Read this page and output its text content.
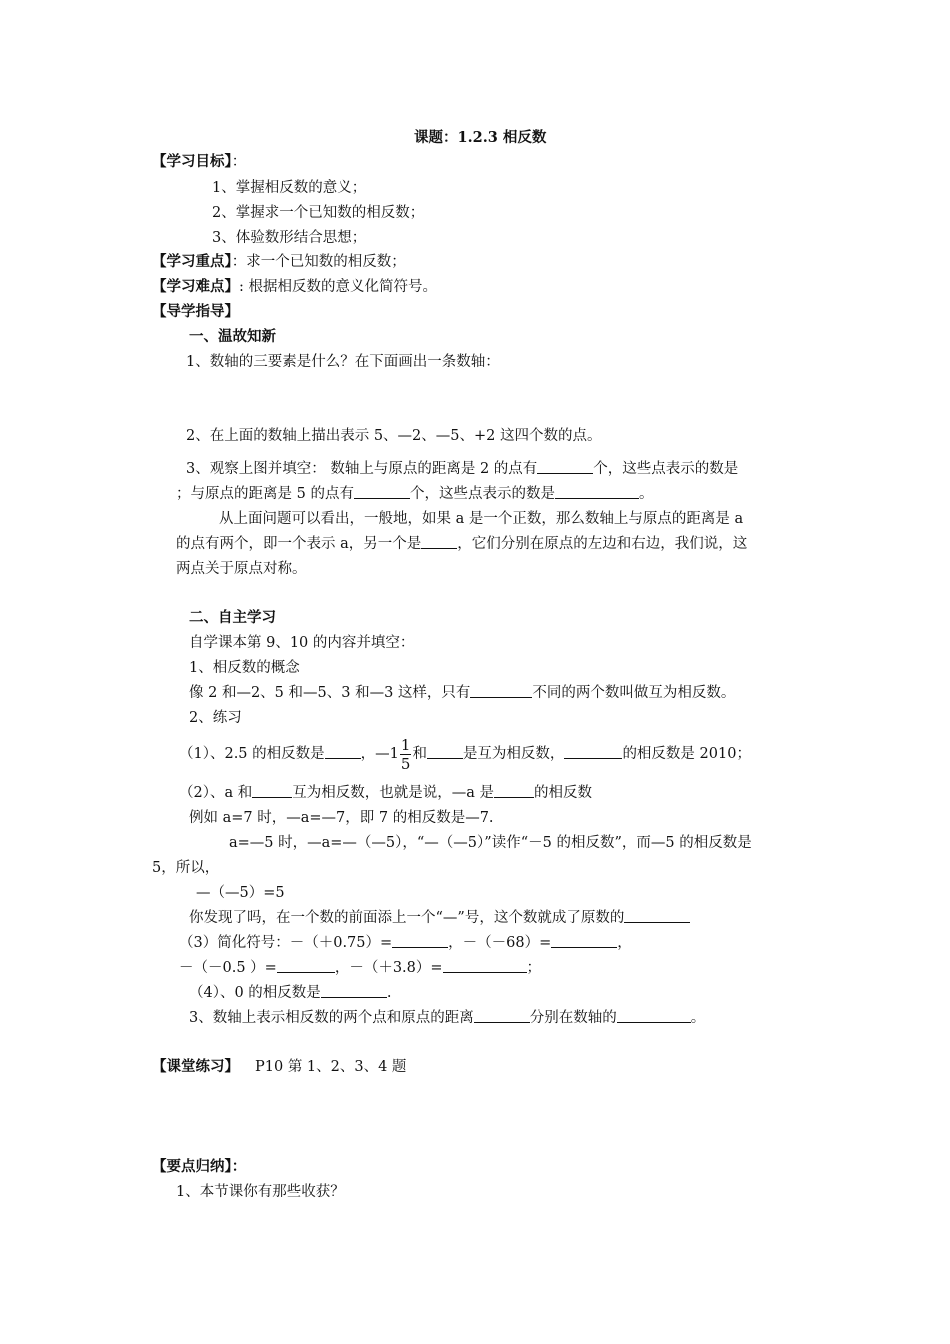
课题：1.2.3 相反数
【学习目标】：
1、掌握相反数的意义；
2、掌握求一个已知数的相反数；
3、体验数形结合思想；
【学习重点】：求一个已知数的相反数；
【学习难点】: 根据相反数的意义化简符号。
【导学指导】
一、温故知新
1、数轴的三要素是什么？在下面画出一条数轴：
2、在上面的数轴上描出表示 5、—2、—5、+2 这四个数的点。
3、观察上图并填空： 数轴上与原点的距离是 2 的点有	个，这些点表示的数是
；与原点的距离是 5 的点有	个，这些点表示的数是	。
从上面问题可以看出，一般地，如果 a 是一个正数，那么数轴上与原点的距离是 a
的点有两个，即一个表示 a，另一个是 ，它们分别在原点的左边和右边，我们说，这
两点关于原点对称。
二、自主学习
自学课本第 9、10 的内容并填空：
1、相反数的概念
像 2 和—2、5 和—5、3 和—3 这样，只有	不同的两个数叫做互为相反数。
2、练习
（1）、2.5 的相反数是 ，—1 $\frac{1}{5}$ 和 是互为相反数，	的相反数是 2010；
（2）、a 和	互为相反数，也就是说，—a 是	的相反数
例如 a=7 时，—a=—7，即 7 的相反数是—7.
a=—5 时，—a=—（—5），“—（—5）”读作“－5 的相反数”，而—5 的相反数是
5，所以，
—（—5）=5
你发现了吗，在一个数的前面添上一个“—”号，这个数就成了原数的
（3）简化符号：－（＋0.75）=	，－（－68）=	，
－（－0.5 ）=	，－（＋3.8）=	；
（4）、0 的相反数是	.
3、数轴上表示相反数的两个点和原点的距离	分别在数轴的	。
【课堂练习】 P10 第 1、2、3、4 题
【要点归纳】：
1、本节课你有那些收获？
